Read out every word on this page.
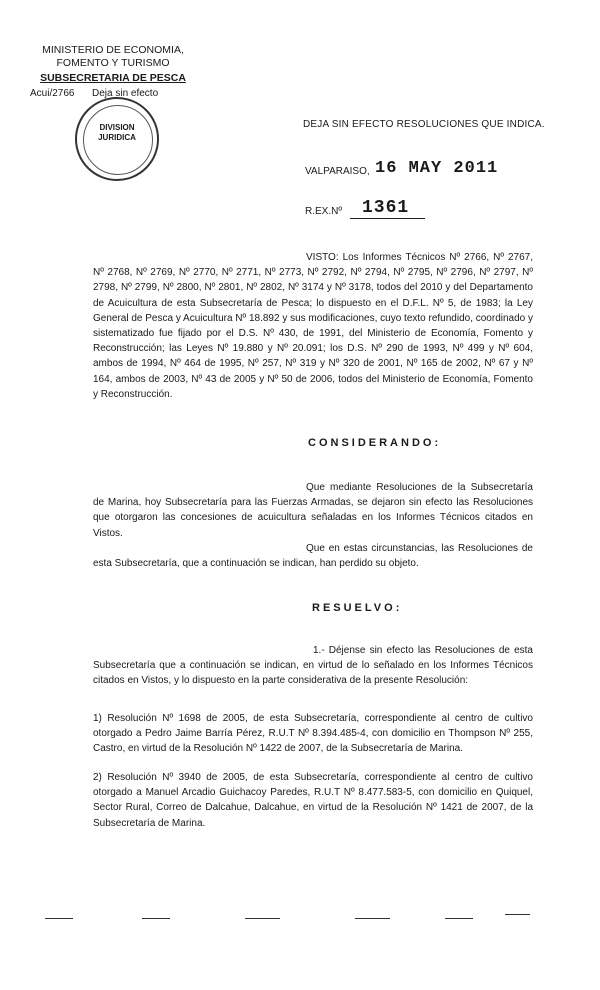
MINISTERIO DE ECONOMIA,
FOMENTO Y TURISMO
SUBSECRETARIA DE PESCA
Acui/2766 Deja sin efecto
DIVISION
JURIDICA
DEJA SIN EFECTO RESOLUCIONES QUE INDICA.
VALPARAISO, 16 MAY 2011
R.EX.Nº 1361
VISTO: Los Informes Técnicos Nº 2766, Nº 2767, Nº 2768, Nº 2769, Nº 2770, Nº 2771, Nº 2773, Nº 2792, Nº 2794, Nº 2795, Nº 2796, Nº 2797, Nº 2798, Nº 2799, Nº 2800, Nº 2801, Nº 2802, Nº 3174 y Nº 3178, todos del 2010 y del Departamento de Acuicultura de esta Subsecretaría de Pesca; lo dispuesto en el D.F.L. Nº 5, de 1983; la Ley General de Pesca y Acuicultura Nº 18.892 y sus modificaciones, cuyo texto refundido, coordinado y sistematizado fue fijado por el D.S. Nº 430, de 1991, del Ministerio de Economía, Fomento y Reconstrucción; las Leyes Nº 19.880 y Nº 20.091; los D.S. Nº 290 de 1993, Nº 499 y Nº 604, ambos de 1994, Nº 464 de 1995, Nº 257, Nº 319 y Nº 320 de 2001, Nº 165 de 2002, Nº 67 y Nº 164, ambos de 2003, Nº 43 de 2005 y Nº 50 de 2006, todos del Ministerio de Economía, Fomento y Reconstrucción.
CONSIDERANDO:
Que mediante Resoluciones de la Subsecretaría de Marina, hoy Subsecretaría para las Fuerzas Armadas, se dejaron sin efecto las Resoluciones que otorgaron las concesiones de acuicultura señaladas en los Informes Técnicos citados en Vistos.
Que en estas circunstancias, las Resoluciones de esta Subsecretaría, que a continuación se indican, han perdido su objeto.
RESUELVO:
1.- Déjense sin efecto las Resoluciones de esta Subsecretaría que a continuación se indican, en virtud de lo señalado en los Informes Técnicos citados en Vistos, y lo dispuesto en la parte considerativa de la presente Resolución:
1) Resolución Nº 1698 de 2005, de esta Subsecretaría, correspondiente al centro de cultivo otorgado a Pedro Jaime Barría Pérez, R.U.T Nº 8.394.485-4, con domicilio en Thompson Nº 255, Castro, en virtud de la Resolución Nº 1422 de 2007, de la Subsecretaría de Marina.
2) Resolución Nº 3940 de 2005, de esta Subsecretaría, correspondiente al centro de cultivo otorgado a Manuel Arcadio Guichacoy Paredes, R.U.T Nº 8.477.583-5, con domicilio en Quiquel, Sector Rural, Correo de Dalcahue, Dalcahue, en virtud de la Resolución Nº 1421 de 2007, de la Subsecretaría de Marina.
